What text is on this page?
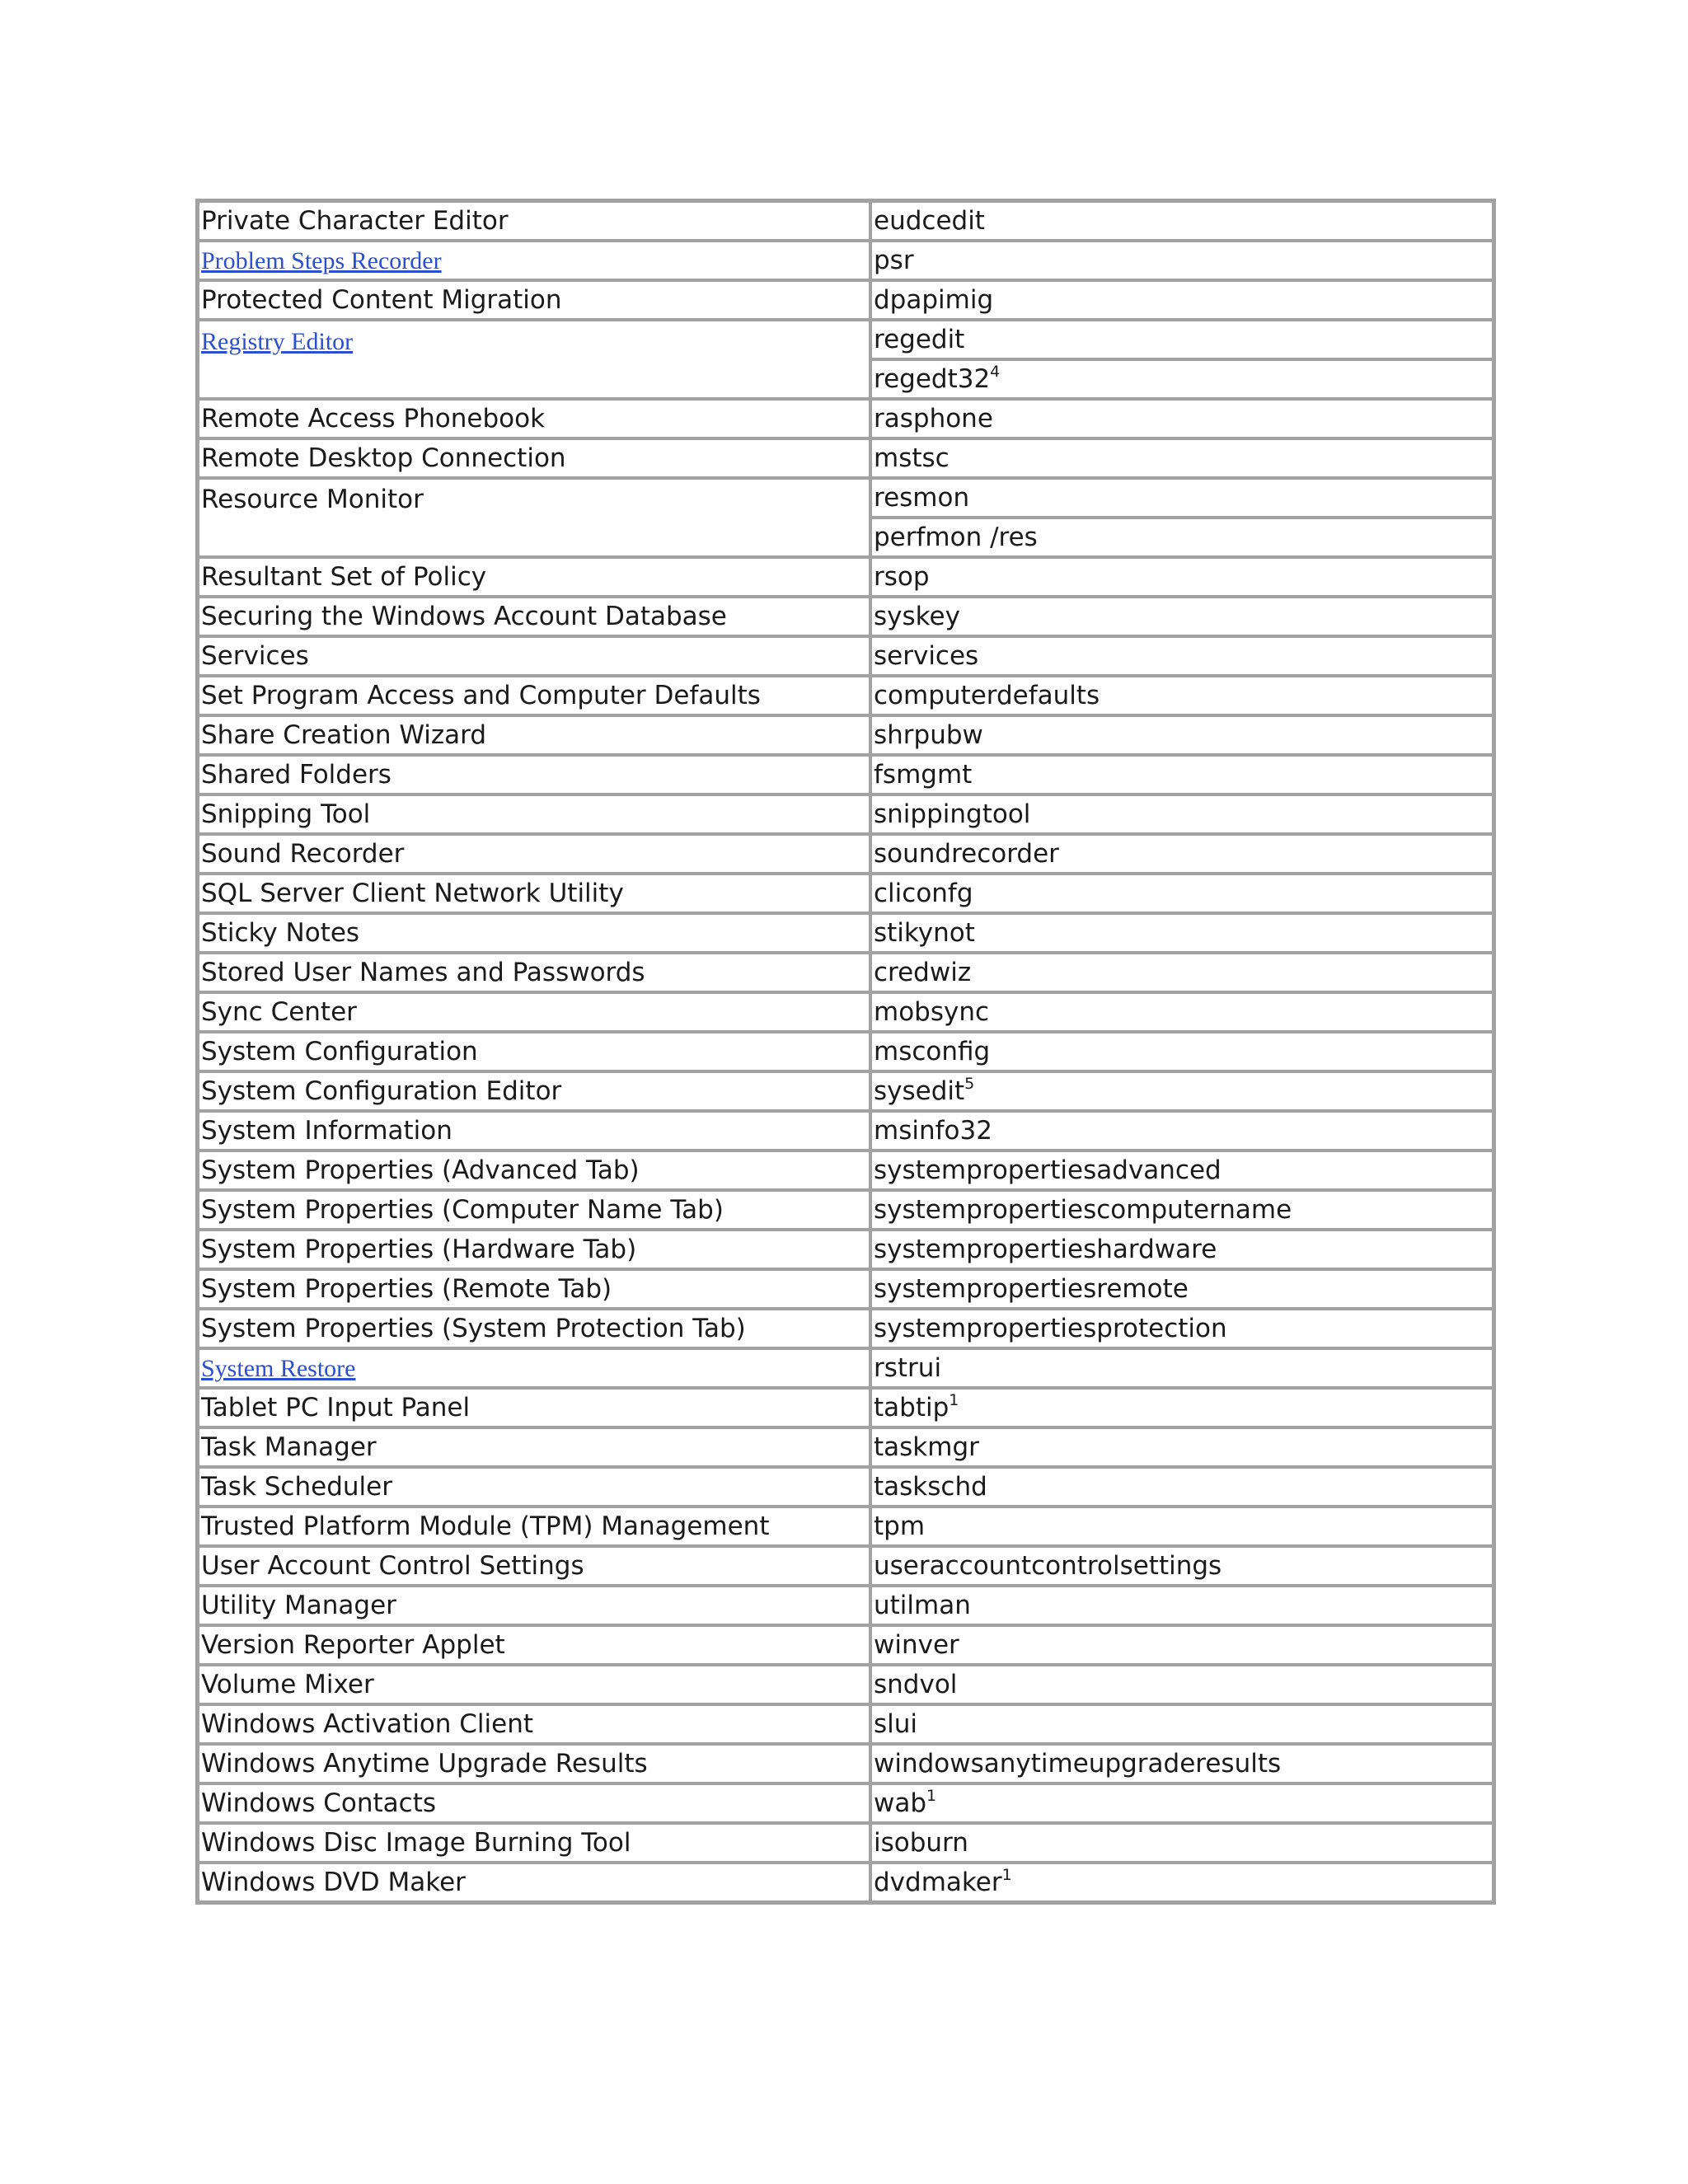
Private Character Editor	eudcedit
Problem Steps Recorder	psr
Protected Content Migration	dpapimig
Registry Editor	regedit
	$regedt32^4$
Remote Access Phonebook	rasphone
Remote Desktop Connection	mstsc
Resource Monitor	resmon
	perfmon /res
Resultant Set of Policy	rsop
Securing the Windows Account Database	syskey
Services	services
Set Program Access and Computer Defaults	computerdefaults
Share Creation Wizard	shrpubw
Shared Folders	fsmgmt
Snipping Tool	snippingtool
Sound Recorder	soundrecorder
SQL Server Client Network Utility	cliconfg
Sticky Notes	stikynot
Stored User Names and Passwords	credwiz
Sync Center	mobsync
System Configuration	msconfig
System Configuration Editor	sysedit$^5$
System Information	msinfo32
System Properties (Advanced Tab)	systempropertiesadvanced
System Properties (Computer Name Tab)	systempropertiescomputername
System Properties (Hardware Tab)	systempropertieshardware
System Properties (Remote Tab)	systempropertiesremote
System Properties (System Protection Tab)	systempropertiesprotection
System Restore	rstrui
Tablet PC Input Panel	tabtip$^1$
Task Manager	taskmgr
Task Scheduler	taskschd
Trusted Platform Module (TPM) Management	tpm
User Account Control Settings	useraccountcontrolsettings
Utility Manager	utilman
Version Reporter Applet	winver
Volume Mixer	sndvol
Windows Activation Client	slui
Windows Anytime Upgrade Results	windowsanytimeupgraderesults
Windows Contacts	wab$^1$
Windows Disc Image Burning Tool	isoburn
Windows DVD Maker	dvdmaker$^1$
